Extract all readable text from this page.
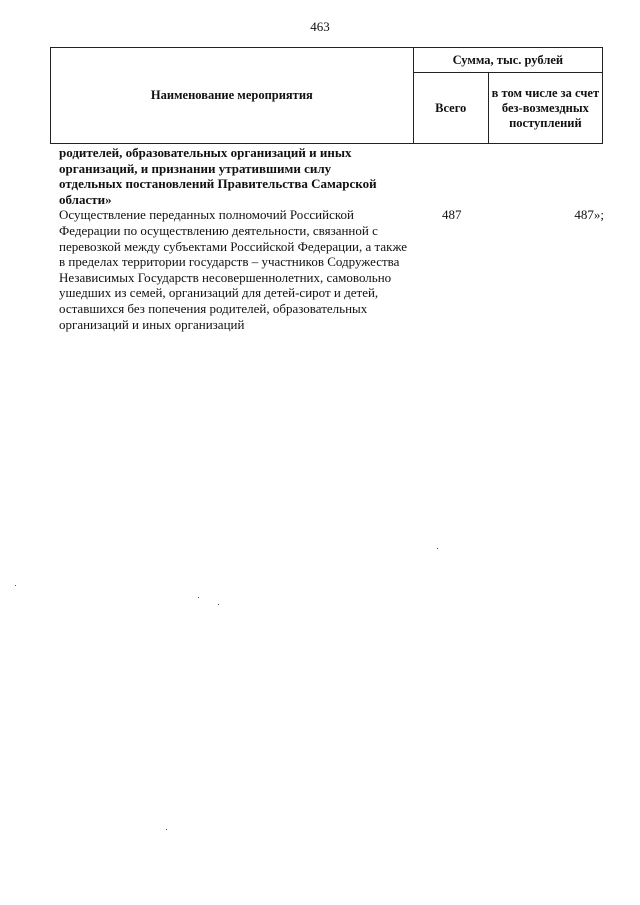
463
Наименование мероприятия	Сумма, тыс. рублей	
	Всего	в том числе за счет без-возмездных поступлений
родителей, образовательных организаций и иных организаций, и признании утратившими силу отдельных постановлений Правительства Самарской области»
Осуществление переданных полномочий Российской Федерации по осуществлению деятельности, связанной с перевозкой между субъектами Российской Федерации, а также в пределах территории государств – участников Содружества Независимых Государств несовершеннолетних, самовольно ушедших из семей, организаций для детей-сирот и детей, оставшихся без попечения родителей, образовательных организаций и иных организаций
487	487»;
